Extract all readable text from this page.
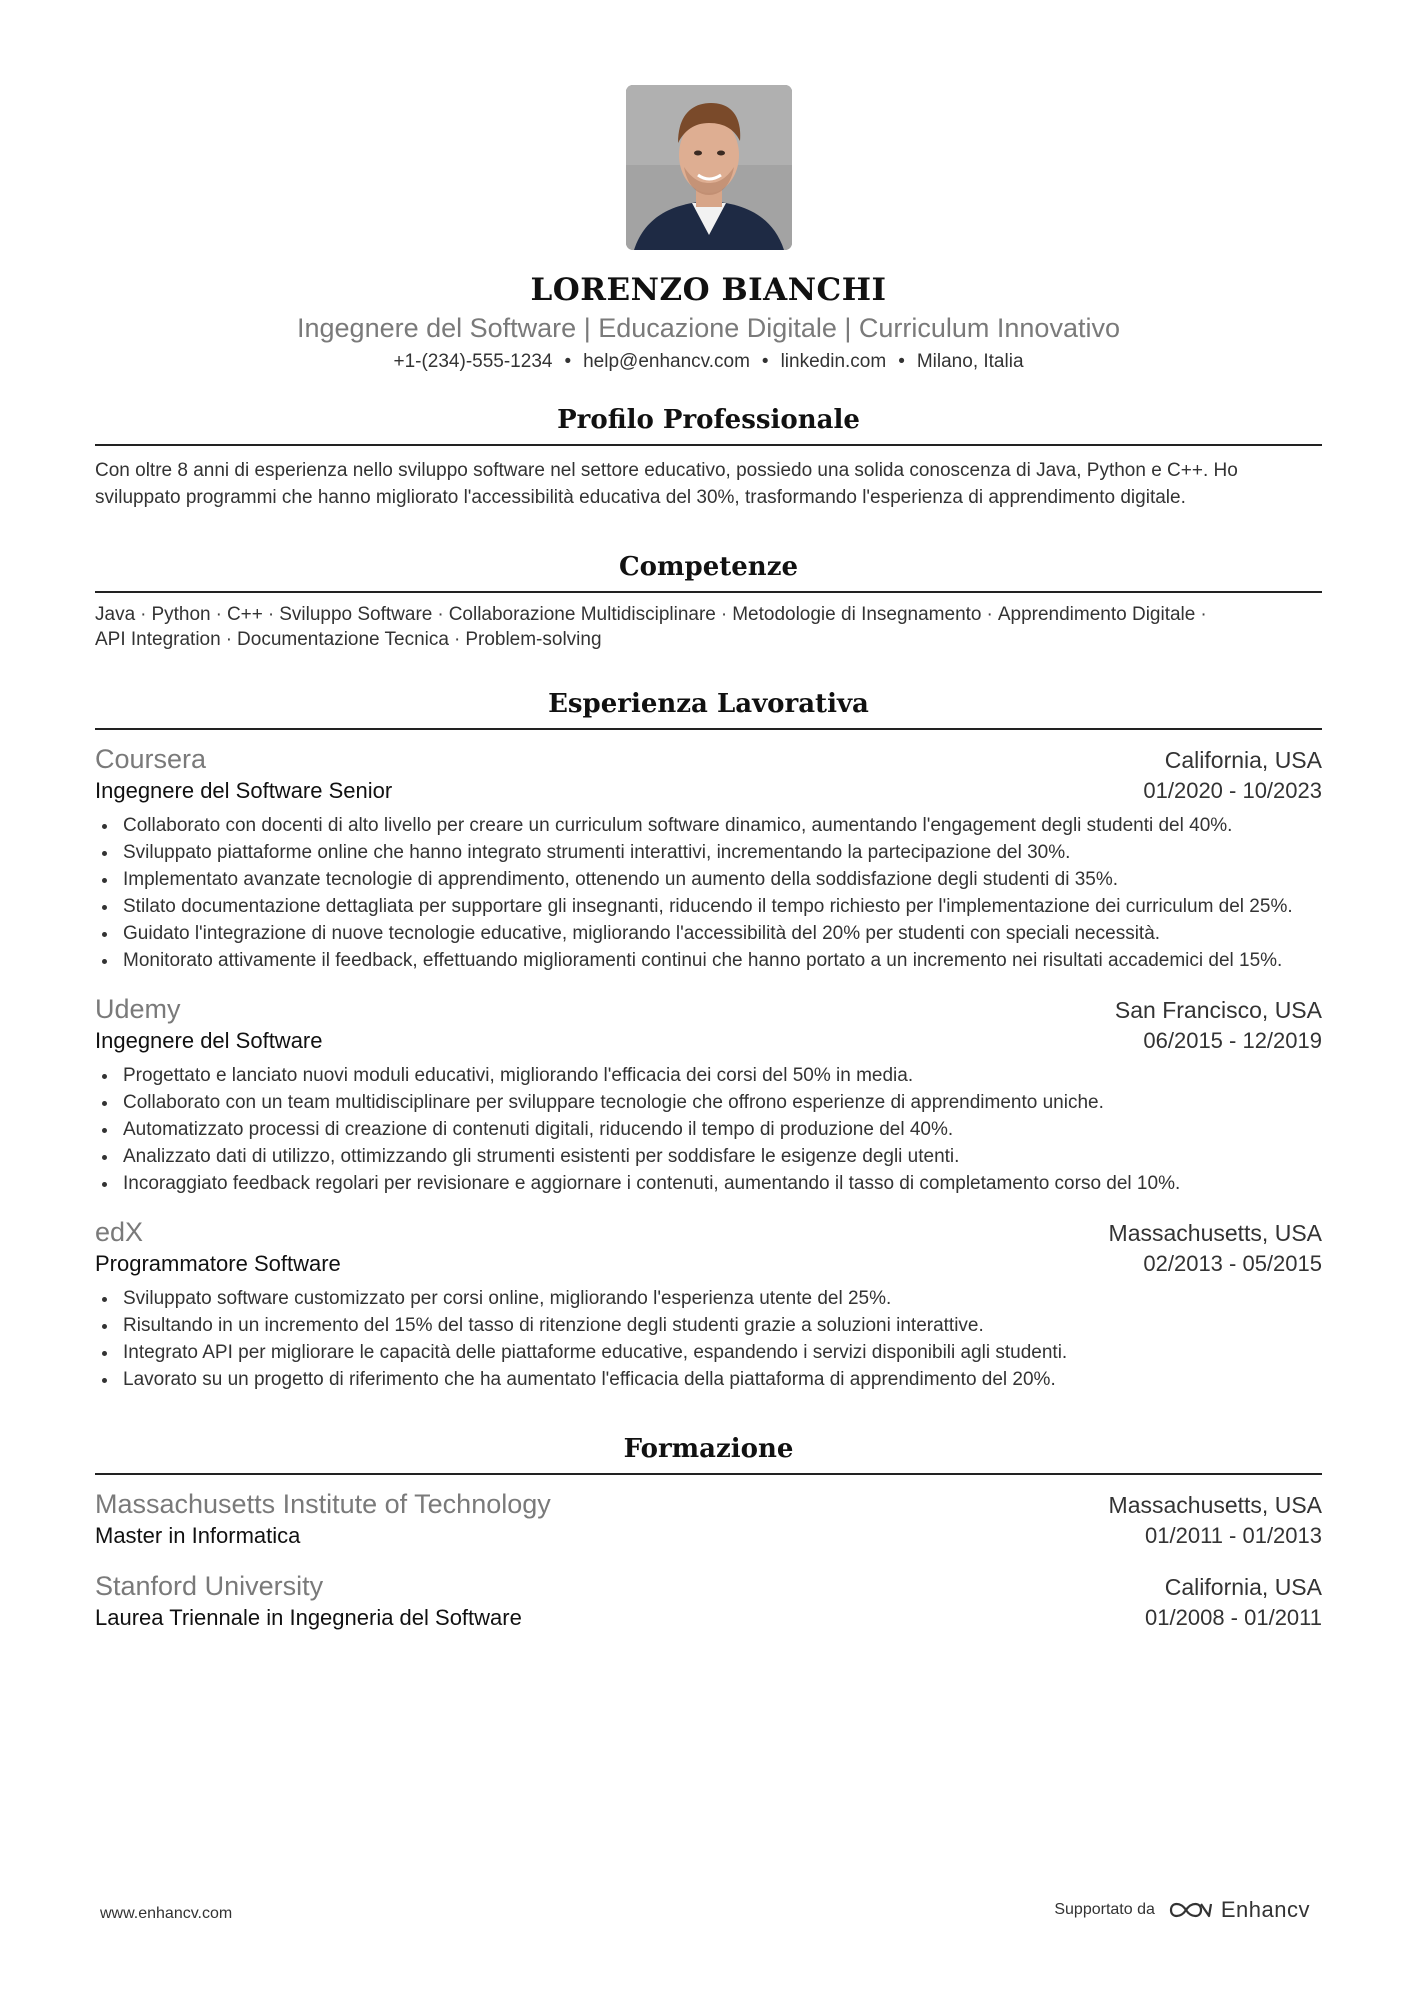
LORENZO BIANCHI
Ingegnere del Software | Educazione Digitale | Curriculum Innovativo
+1-(234)-555-1234 • help@enhancv.com • linkedin.com • Milano, Italia
Profilo Professionale
Con oltre 8 anni di esperienza nello sviluppo software nel settore educativo, possiedo una solida conoscenza di Java, Python e C++. Ho sviluppato programmi che hanno migliorato l'accessibilità educativa del 30%, trasformando l'esperienza di apprendimento digitale.
Competenze
Java · Python · C++ · Sviluppo Software · Collaborazione Multidisciplinare · Metodologie di Insegnamento · Apprendimento Digitale ·
API Integration · Documentazione Tecnica · Problem-solving
Esperienza Lavorativa
Coursera	California, USA
Ingegnere del Software Senior	01/2020 - 10/2023
Collaborato con docenti di alto livello per creare un curriculum software dinamico, aumentando l'engagement degli studenti del 40%.
Sviluppato piattaforme online che hanno integrato strumenti interattivi, incrementando la partecipazione del 30%.
Implementato avanzate tecnologie di apprendimento, ottenendo un aumento della soddisfazione degli studenti di 35%.
Stilato documentazione dettagliata per supportare gli insegnanti, riducendo il tempo richiesto per l'implementazione dei curriculum del 25%.
Guidato l'integrazione di nuove tecnologie educative, migliorando l'accessibilità del 20% per studenti con speciali necessità.
Monitorato attivamente il feedback, effettuando miglioramenti continui che hanno portato a un incremento nei risultati accademici del 15%.
Udemy	San Francisco, USA
Ingegnere del Software	06/2015 - 12/2019
Progettato e lanciato nuovi moduli educativi, migliorando l'efficacia dei corsi del 50% in media.
Collaborato con un team multidisciplinare per sviluppare tecnologie che offrono esperienze di apprendimento uniche.
Automatizzato processi di creazione di contenuti digitali, riducendo il tempo di produzione del 40%.
Analizzato dati di utilizzo, ottimizzando gli strumenti esistenti per soddisfare le esigenze degli utenti.
Incoraggiato feedback regolari per revisionare e aggiornare i contenuti, aumentando il tasso di completamento corso del 10%.
edX	Massachusetts, USA
Programmatore Software	02/2013 - 05/2015
Sviluppato software customizzato per corsi online, migliorando l'esperienza utente del 25%.
Risultando in un incremento del 15% del tasso di ritenzione degli studenti grazie a soluzioni interattive.
Integrato API per migliorare le capacità delle piattaforme educative, espandendo i servizi disponibili agli studenti.
Lavorato su un progetto di riferimento che ha aumentato l'efficacia della piattaforma di apprendimento del 20%.
Formazione
Massachusetts Institute of Technology	Massachusetts, USA
Master in Informatica	01/2011 - 01/2013
Stanford University	California, USA
Laurea Triennale in Ingegneria del Software	01/2008 - 01/2011
www.enhancv.com	Supportato da	Enhancv
